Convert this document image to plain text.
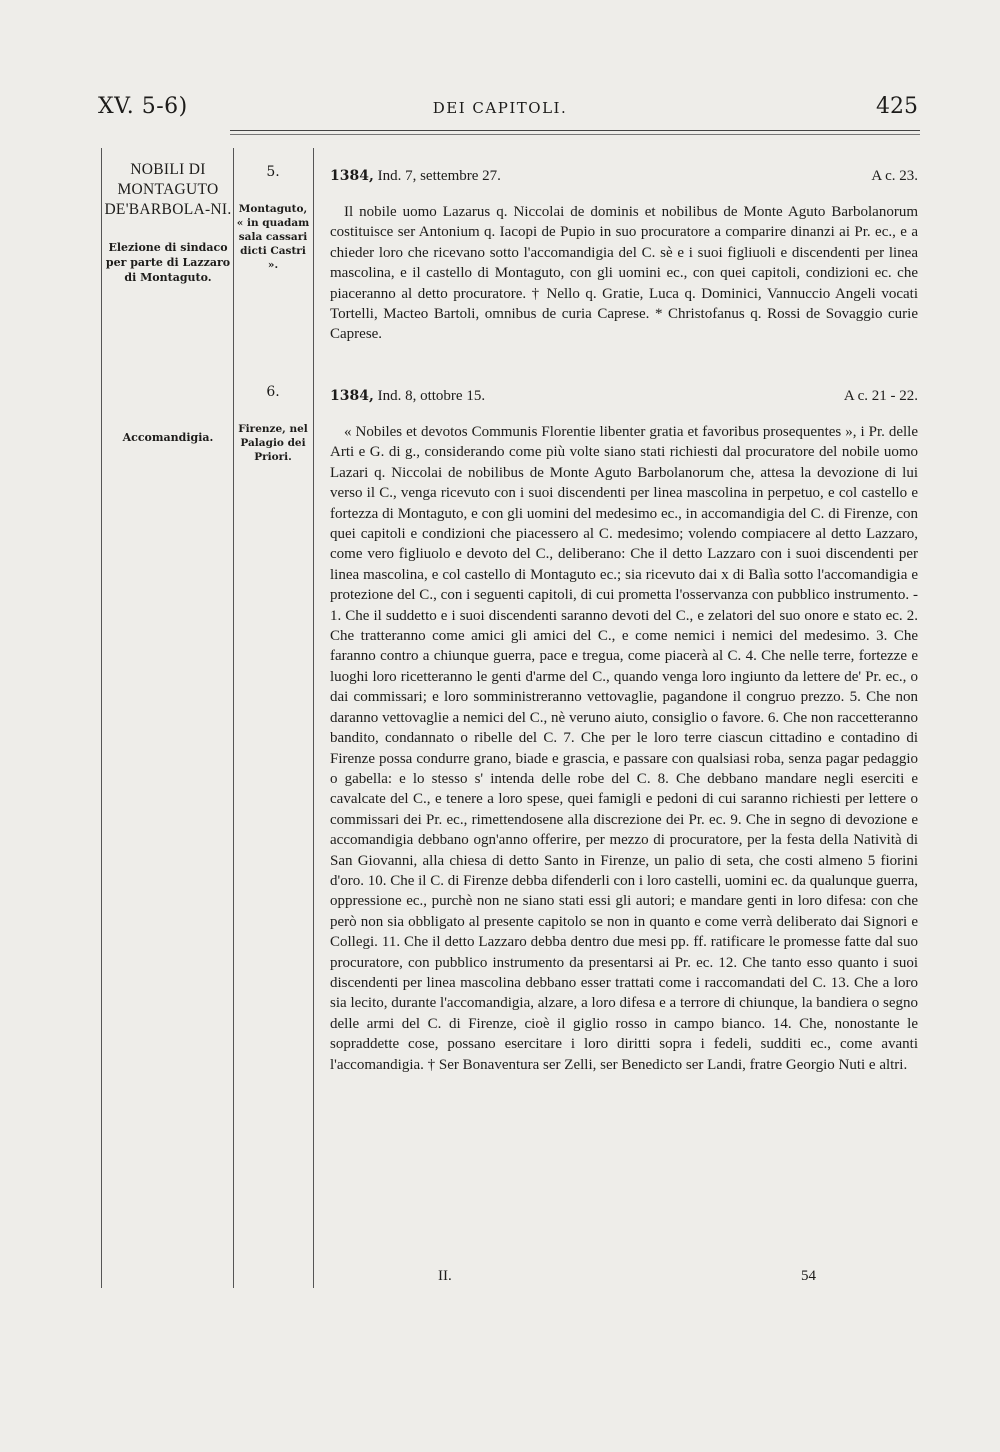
XV. 5-6)	DEI CAPITOLI.	425
NOBILI DI MONTAGUTO DE'BARBOLA-NI.
Elezione di sindaco per parte di Lazzaro di Montaguto.
5.
Montaguto, « in quadam sala cassari dicti Castri ».
1384, Ind. 7, settembre 27.	A c. 23.

Il nobile uomo Lazarus q. Niccolai de dominis et nobilibus de Monte Aguto Barbolanorum costituisce ser Antonium q. Iacopi de Pupio in suo procuratore a comparire dinanzi ai Pr. ec., e a chieder loro che ricevano sotto l'accomandigia del C. sè e i suoi figliuoli e discendenti per linea mascolina, e il castello di Montaguto, con gli uomini ec., con quei capitoli, condizioni ec. che piaceranno al detto procuratore. † Nello q. Gratie, Luca q. Dominici, Vannuccio Angeli vocati Tortelli, Macteo Bartoli, omnibus de curia Caprese. * Christofanus q. Rossi de Sovaggio curie Caprese.

Accomandigia.
6.
Firenze, nel Palagio dei Priori.
1384, Ind. 8, ottobre 15.	A c. 21 - 22.

« Nobiles et devotos Communis Florentie libenter gratia et favoribus prosequentes », i Pr. delle Arti e G. di g., considerando come più volte siano stati richiesti dal procuratore del nobile uomo Lazari q. Niccolai de nobilibus de Monte Aguto Barbolanorum che, attesa la devozione di lui verso il C., venga ricevuto con i suoi discendenti per linea mascolina in perpetuo, e col castello e fortezza di Montaguto, e con gli uomini del medesimo ec., in accomandigia del C. di Firenze, con quei capitoli e condizioni che piacessero al C. medesimo; volendo compiacere al detto Lazzaro, come vero figliuolo e devoto del C., deliberano: Che il detto Lazzaro con i suoi discendenti per linea mascolina, e col castello di Montaguto ec.; sia ricevuto dai x di Balìa sotto l'accomandigia e protezione del C., con i seguenti capitoli, di cui prometta l'osservanza con pubblico instrumento. - 1. Che il suddetto e i suoi discendenti saranno devoti del C., e zelatori del suo onore e stato ec. 2. Che tratteranno come amici gli amici del C., e come nemici i nemici del medesimo. 3. Che faranno contro a chiunque guerra, pace e tregua, come piacerà al C. 4. Che nelle terre, fortezze e luoghi loro ricetteranno le genti d'arme del C., quando venga loro ingiunto da lettere de' Pr. ec., o dai commissari; e loro somministreranno vettovaglie, pagandone il congruo prezzo. 5. Che non daranno vettovaglie a nemici del C., nè veruno aiuto, consiglio o favore. 6. Che non raccetteranno bandito, condannato o ribelle del C. 7. Che per le loro terre ciascun cittadino e contadino di Firenze possa condurre grano, biade e grascia, e passare con qualsiasi roba, senza pagar pedaggio o gabella: e lo stesso s' intenda delle robe del C. 8. Che debbano mandare negli eserciti e cavalcate del C., e tenere a loro spese, quei famigli e pedoni di cui saranno richiesti per lettere o commissari dei Pr. ec., rimettendosene alla discrezione dei Pr. ec. 9. Che in segno di devozione e accomandigia debbano ogn'anno offerire, per mezzo di procuratore, per la festa della Natività di San Giovanni, alla chiesa di detto Santo in Firenze, un palio di seta, che costi almeno 5 fiorini d'oro. 10. Che il C. di Firenze debba difenderli con i loro castelli, uomini ec. da qualunque guerra, oppressione ec., purchè non ne siano stati essi gli autori; e mandare genti in loro difesa: con che però non sia obbligato al presente capitolo se non in quanto e come verrà deliberato dai Signori e Collegi. 11. Che il detto Lazzaro debba dentro due mesi pp. ff. ratificare le promesse fatte dal suo procuratore, con pubblico instrumento da presentarsi ai Pr. ec. 12. Che tanto esso quanto i suoi discendenti per linea mascolina debbano esser trattati come i raccomandati del C. 13. Che a loro sia lecito, durante l'accomandigia, alzare, a loro difesa e a terrore di chiunque, la bandiera o segno delle armi del C. di Firenze, cioè il giglio rosso in campo bianco. 14. Che, nonostante le sopraddette cose, possano esercitare i loro diritti sopra i fedeli, sudditi ec., come avanti l'accomandigia. † Ser Bonaventura ser Zelli, ser Benedicto ser Landi, fratre Georgio Nuti e altri.

II.	54
